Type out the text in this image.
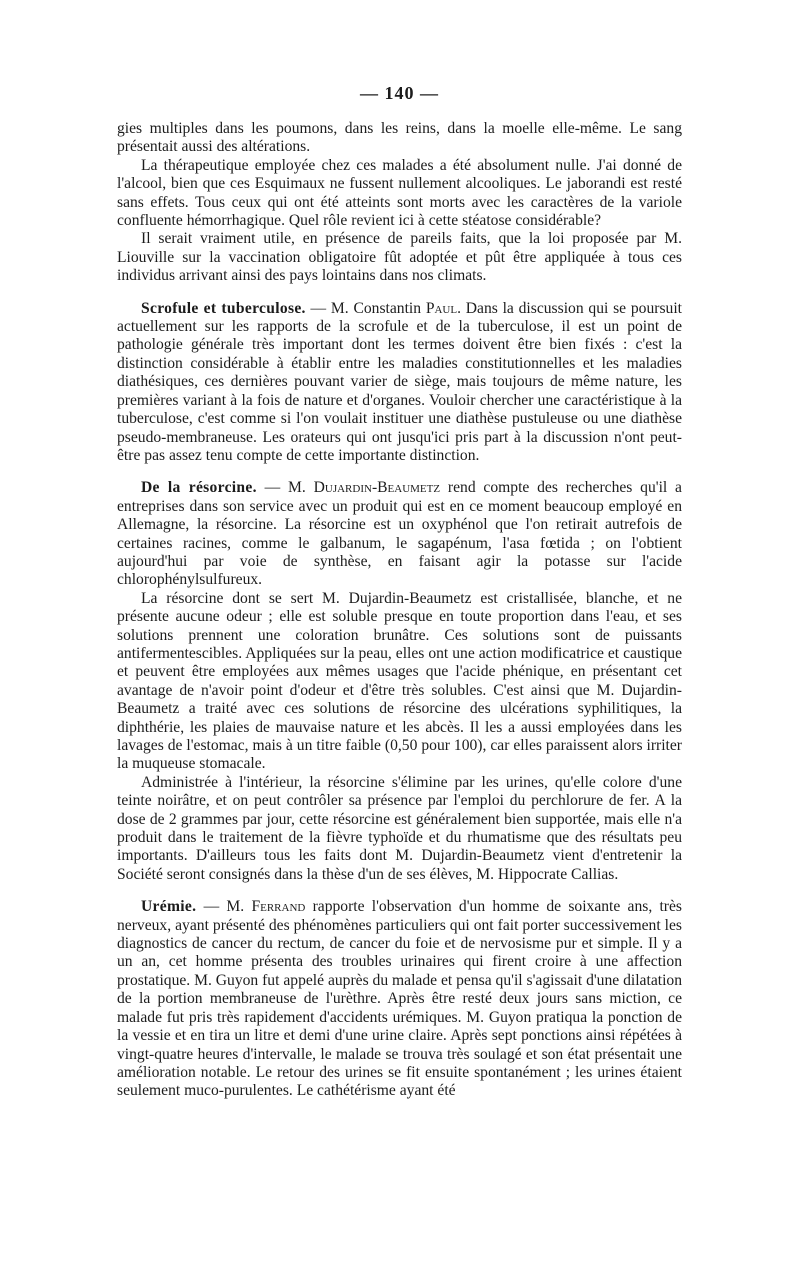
— 140 —

gies multiples dans les poumons, dans les reins, dans la moelle elle-même. Le sang présentait aussi des altérations.

La thérapeutique employée chez ces malades a été absolument nulle. J'ai donné de l'alcool, bien que ces Esquimaux ne fussent nullement alcooliques. Le jaborandi est resté sans effets. Tous ceux qui ont été atteints sont morts avec les caractères de la variole confluente hémorrhagique. Quel rôle revient ici à cette stéatose considérable?

Il serait vraiment utile, en présence de pareils faits, que la loi proposée par M. Liouville sur la vaccination obligatoire fût adoptée et pût être appliquée à tous ces individus arrivant ainsi des pays lointains dans nos climats.

Scrofule et tuberculose. — M. Constantin Paul. Dans la discussion qui se poursuit actuellement sur les rapports de la scrofule et de la tuberculose, il est un point de pathologie générale très important dont les termes doivent être bien fixés : c'est la distinction considérable à établir entre les maladies constitutionnelles et les maladies diathésiques, ces dernières pouvant varier de siège, mais toujours de même nature, les premières variant à la fois de nature et d'organes. Vouloir chercher une caractéristique à la tuberculose, c'est comme si l'on voulait instituer une diathèse pustuleuse ou une diathèse pseudo-membraneuse. Les orateurs qui ont jusqu'ici pris part à la discussion n'ont peut-être pas assez tenu compte de cette importante distinction.

De la résorcine. — M. Dujardin-Beaumetz rend compte des recherches qu'il a entreprises dans son service avec un produit qui est en ce moment beaucoup employé en Allemagne, la résorcine. La résorcine est un oxyphénol que l'on retirait autrefois de certaines racines, comme le galbanum, le sagapénum, l'asa fœtida ; on l'obtient aujourd'hui par voie de synthèse, en faisant agir la potasse sur l'acide chlorophénylsulfureux.

La résorcine dont se sert M. Dujardin-Beaumetz est cristallisée, blanche, et ne présente aucune odeur ; elle est soluble presque en toute proportion dans l'eau, et ses solutions prennent une coloration brunâtre. Ces solutions sont de puissants antifermentescibles. Appliquées sur la peau, elles ont une action modificatrice et caustique et peuvent être employées aux mêmes usages que l'acide phénique, en présentant cet avantage de n'avoir point d'odeur et d'être très solubles. C'est ainsi que M. Dujardin-Beaumetz a traité avec ces solutions de résorcine des ulcérations syphilitiques, la diphthérie, les plaies de mauvaise nature et les abcès. Il les a aussi employées dans les lavages de l'estomac, mais à un titre faible (0,50 pour 100), car elles paraissent alors irriter la muqueuse stomacale.

Administrée à l'intérieur, la résorcine s'élimine par les urines, qu'elle colore d'une teinte noirâtre, et on peut contrôler sa présence par l'emploi du perchlorure de fer. A la dose de 2 grammes par jour, cette résorcine est généralement bien supportée, mais elle n'a produit dans le traitement de la fièvre typhoïde et du rhumatisme que des résultats peu importants. D'ailleurs tous les faits dont M. Dujardin-Beaumetz vient d'entretenir la Société seront consignés dans la thèse d'un de ses élèves, M. Hippocrate Callias.

Urémie. — M. Ferrand rapporte l'observation d'un homme de soixante ans, très nerveux, ayant présenté des phénomènes particuliers qui ont fait porter successivement les diagnostics de cancer du rectum, de cancer du foie et de nervosisme pur et simple. Il y a un an, cet homme présenta des troubles urinaires qui firent croire à une affection prostatique. M. Guyon fut appelé auprès du malade et pensa qu'il s'agissait d'une dilatation de la portion membraneuse de l'urèthre. Après être resté deux jours sans miction, ce malade fut pris très rapidement d'accidents urémiques. M. Guyon pratiqua la ponction de la vessie et en tira un litre et demi d'une urine claire. Après sept ponctions ainsi répétées à vingt-quatre heures d'intervalle, le malade se trouva très soulagé et son état présentait une amélioration notable. Le retour des urines se fit ensuite spontanément ; les urines étaient seulement muco-purulentes. Le cathétérisme ayant été
